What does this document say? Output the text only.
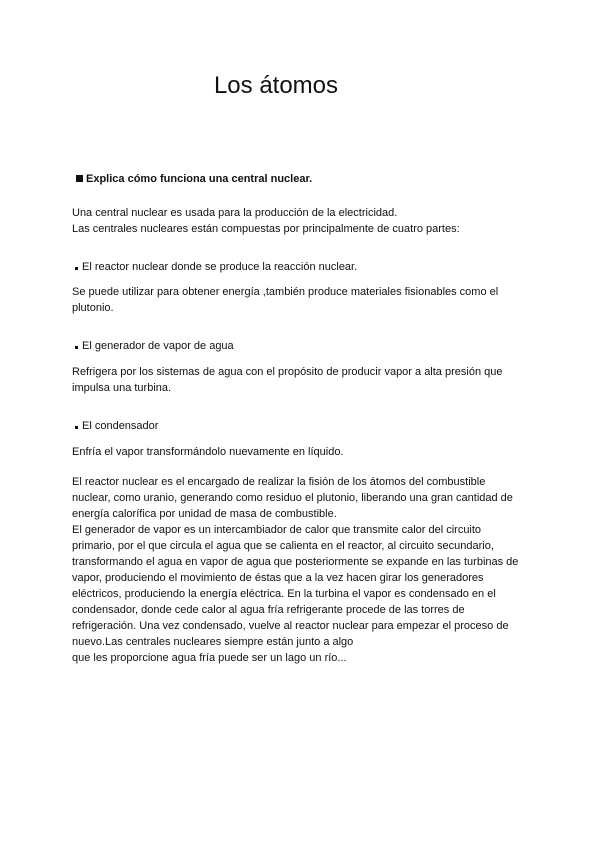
Los átomos
Explica cómo funciona una central nuclear.

Una central nuclear es usada para la producción de la electricidad.
Las centrales nucleares están compuestas por principalmente de cuatro partes:

El reactor nuclear donde se produce la reacción nuclear.

Se puede utilizar para obtener energía ,también produce materiales fisionables como el
plutonio.

El generador de vapor de agua

Refrigera por los sistemas de agua con el propósito de producir vapor a alta presión que
impulsa una turbina.

El condensador

Enfría el vapor transformándolo nuevamente en líquido.

El reactor nuclear es el encargado de realizar la fisión de los átomos del combustible
nuclear, como uranio, generando como residuo el plutonio, liberando una gran cantidad de
energía calorífica por unidad de masa de combustible.
El generador de vapor es un intercambiador de calor que transmite calor del circuito
primario, por el que circula el agua que se calienta en el reactor, al circuito secundario,
transformando el agua en vapor de agua que posteriormente se expande en las turbinas de
vapor, produciendo el movimiento de éstas que a la vez hacen girar los generadores
eléctricos, produciendo la energía eléctrica. En la turbina el vapor es condensado en el
condensador, donde cede calor al agua fría refrigerante procede de las torres de
refrigeración. Una vez condensado, vuelve al reactor nuclear para empezar el proceso de
nuevo.Las centrales nucleares siempre están junto a algo
que les proporcione agua fría puede ser un lago un río...
